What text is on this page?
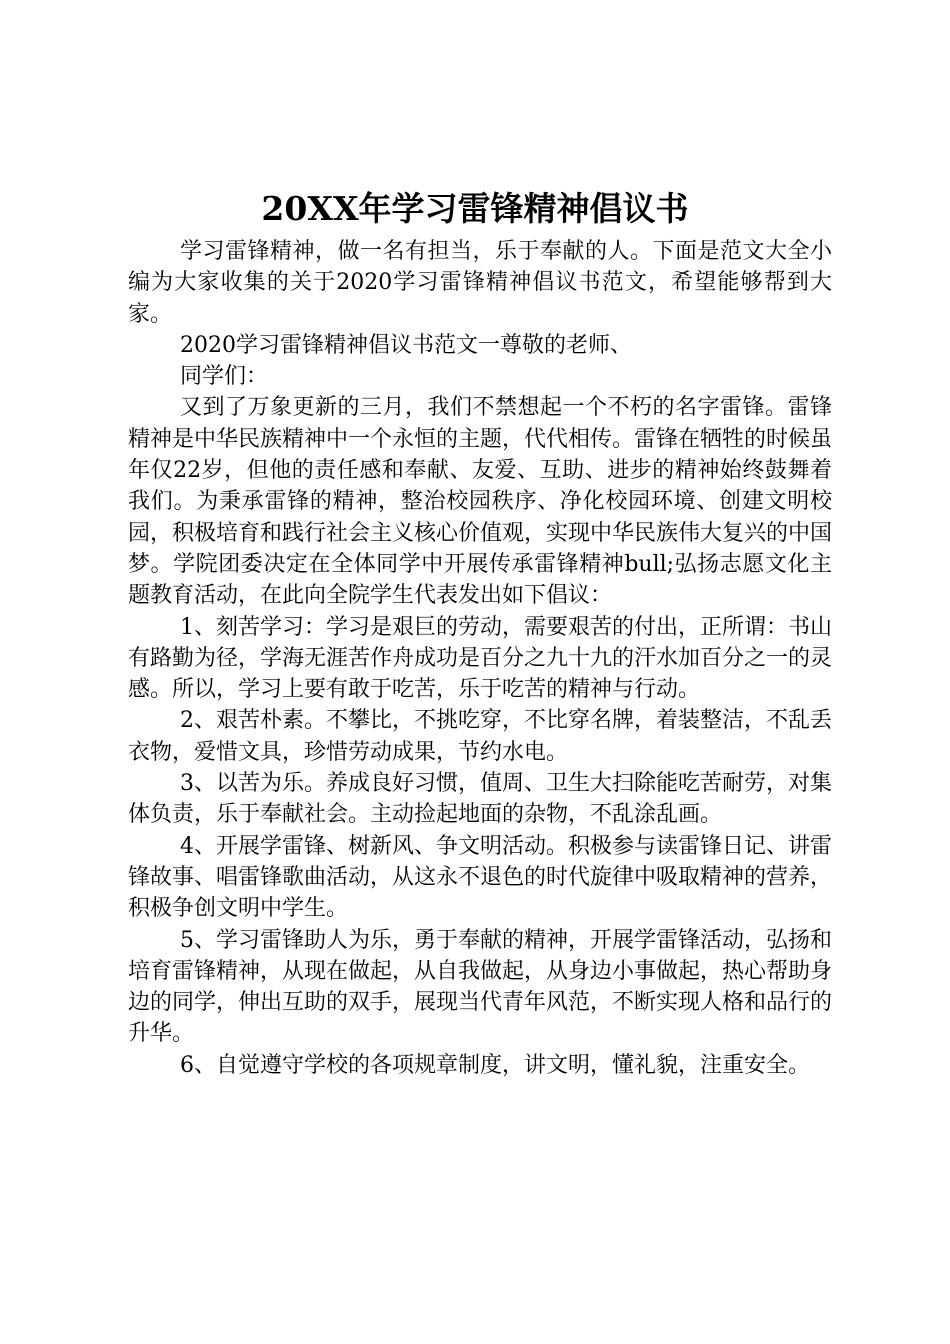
20XX年学习雷锋精神倡议书

学习雷锋精神，做一名有担当，乐于奉献的人。下面是范文大全小编为大家收集的关于2020学习雷锋精神倡议书范文，希望能够帮到大家。

2020学习雷锋精神倡议书范文一尊敬的老师、

同学们：

又到了万象更新的三月，我们不禁想起一个不朽的名字雷锋。雷锋精神是中华民族精神中一个永恒的主题，代代相传。雷锋在牺牲的时候虽年仅22岁，但他的责任感和奉献、友爱、互助、进步的精神始终鼓舞着我们。为秉承雷锋的精神，整治校园秩序、净化校园环境、创建文明校园，积极培育和践行社会主义核心价值观，实现中华民族伟大复兴的中国梦。学院团委决定在全体同学中开展传承雷锋精神bull;弘扬志愿文化主题教育活动，在此向全院学生代表发出如下倡议：

1、刻苦学习：学习是艰巨的劳动，需要艰苦的付出，正所谓：书山有路勤为径，学海无涯苦作舟成功是百分之九十九的汗水加百分之一的灵感。所以，学习上要有敢于吃苦，乐于吃苦的精神与行动。

2、艰苦朴素。不攀比，不挑吃穿，不比穿名牌，着装整洁，不乱丢衣物，爱惜文具，珍惜劳动成果，节约水电。

3、以苦为乐。养成良好习惯，值周、卫生大扫除能吃苦耐劳，对集体负责，乐于奉献社会。主动捡起地面的杂物，不乱涂乱画。

4、开展学雷锋、树新风、争文明活动。积极参与读雷锋日记、讲雷锋故事、唱雷锋歌曲活动，从这永不退色的时代旋律中吸取精神的营养，积极争创文明中学生。

5、学习雷锋助人为乐，勇于奉献的精神，开展学雷锋活动，弘扬和培育雷锋精神，从现在做起，从自我做起，从身边小事做起，热心帮助身边的同学，伸出互助的双手，展现当代青年风范，不断实现人格和品行的升华。

6、自觉遵守学校的各项规章制度，讲文明，懂礼貌，注重安全。
